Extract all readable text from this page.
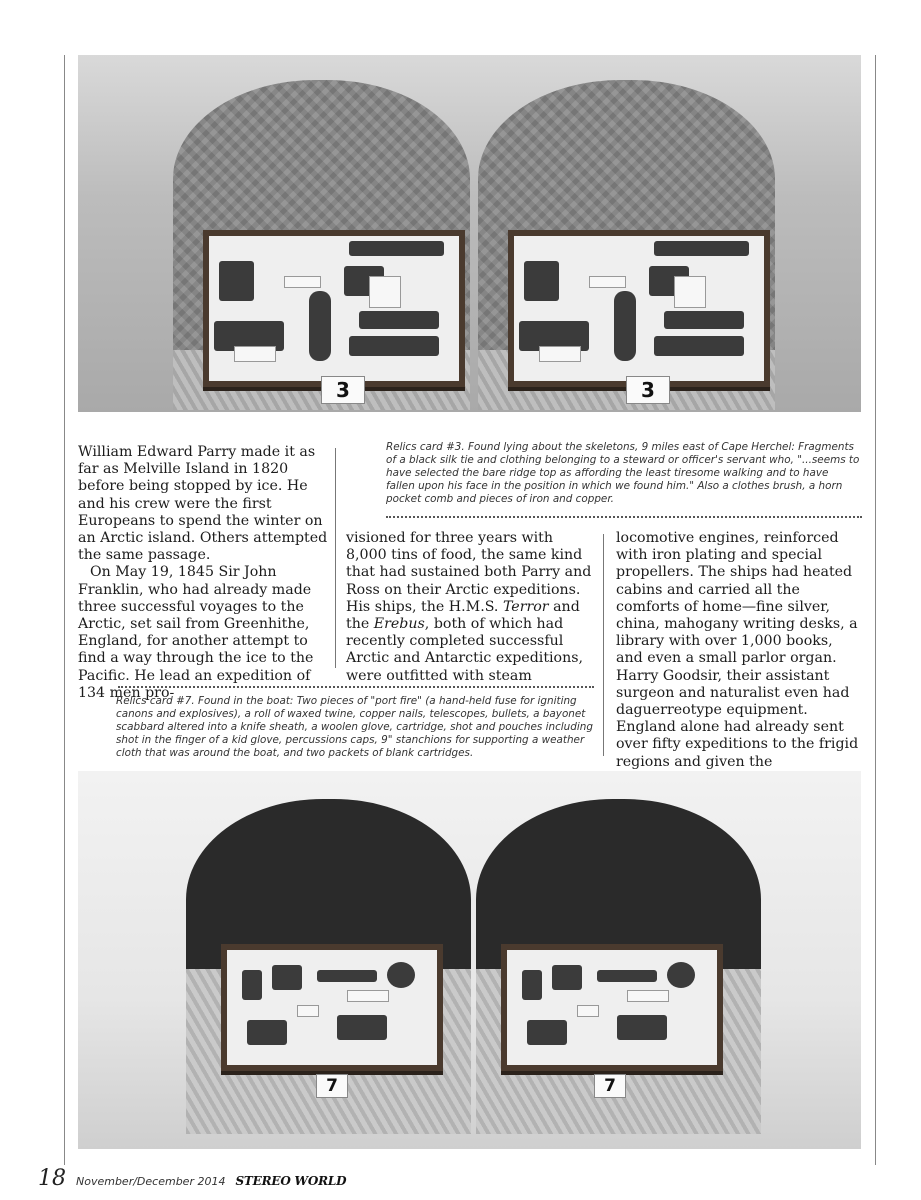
3	3
Relics card #3. Found lying about the skeletons, 9 miles east of Cape Herchel: Fragments of a black silk tie and clothing belonging to a steward or officer's servant who, "...seems to have selected the bare ridge top as affording the least tiresome walking and to have fallen upon his face in the position in which we found him." Also a clothes brush, a horn pocket comb and pieces of iron and copper.

William Edward Parry made it as far as Melville Island in 1820 before being stopped by ice. He and his crew were the first Europeans to spend the winter on an Arctic island. Others attempted the same passage.

On May 19, 1845 Sir John Franklin, who had already made three successful voyages to the Arctic, set sail from Greenhithe, England, for another attempt to find a way through the ice to the Pacific. He lead an expedition of 134 men pro-

visioned for three years with 8,000 tins of food, the same kind that had sustained both Parry and Ross on their Arctic expeditions. His ships, the H.M.S. Terror and the Erebus, both of which had recently completed successful Arctic and Antarctic expeditions, were outfitted with steam

locomotive engines, reinforced with iron plating and special propellers. The ships had heated cabins and carried all the comforts of home—fine silver, china, mahogany writing desks, a library with over 1,000 books, and even a small parlor organ. Harry Goodsir, their assistant surgeon and naturalist even had daguerreotype equipment. England alone had already sent over fifty expeditions to the frigid regions and given the

Relics card #7. Found in the boat: Two pieces of "port fire" (a hand-held fuse for igniting canons and explosives), a roll of waxed twine, copper nails, telescopes, bullets, a bayonet scabbard altered into a knife sheath, a woolen glove, cartridge, shot and pouches including shot in the finger of a kid glove, percussions caps, 9" stanchions for supporting a weather cloth that was around the boat, and two packets of blank cartridges.
7	7
18 November/December 2014 STEREO WORLD
